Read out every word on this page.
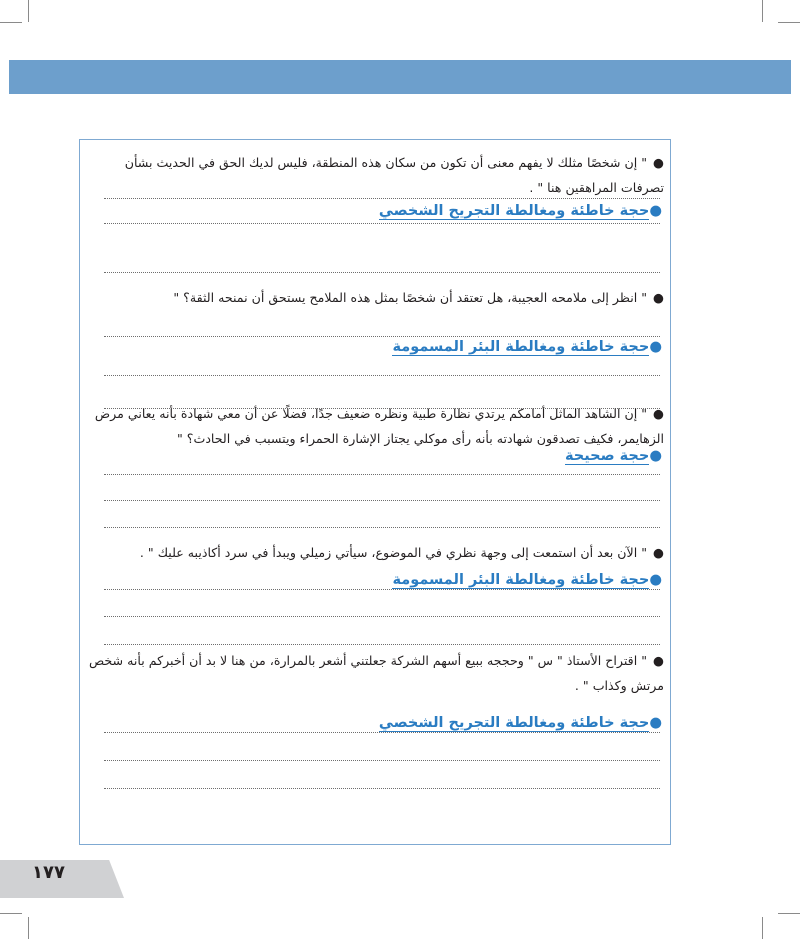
●" إن شخصًا مثلك لا يفهم معنى أن تكون من سكان هذه المنطقة، فليس لديك الحق في الحديث بشأن تصرفات المراهقين هنا " .
●حجة خاطئة ومغالطة التجريح الشخصي
●" انظر إلى ملامحه العجيبة، هل تعتقد أن شخصًا بمثل هذه الملامح يستحق أن نمنحه الثقة؟ "
●حجة خاطئة ومغالطة البئر المسمومة
●" إن الشاهد الماثل أمامكم يرتدي نظارة طبية ونظره ضعيف جدًا، فضلًا عن أن معي شهادة بأنه يعاني مرض الزهايمر، فكيف تصدقون شهادته بأنه رأى موكلي يجتاز الإشارة الحمراء ويتسبب في الحادث؟ "
●حجة صحيحة
●" الآن بعد أن استمعت إلى وجهة نظري في الموضوع، سيأتي زميلي ويبدأ في سرد أكاذيبه عليك " .
●حجة خاطئة ومغالطة البئر المسمومة
●" اقتراح الأستاذ " س " وحججه ببيع أسهم الشركة جعلتني أشعر بالمرارة، من هنا لا بد أن أخبركم بأنه شخص مرتش وكذاب " .
●حجة خاطئة ومغالطة التجريح الشخصي
١٧٧
